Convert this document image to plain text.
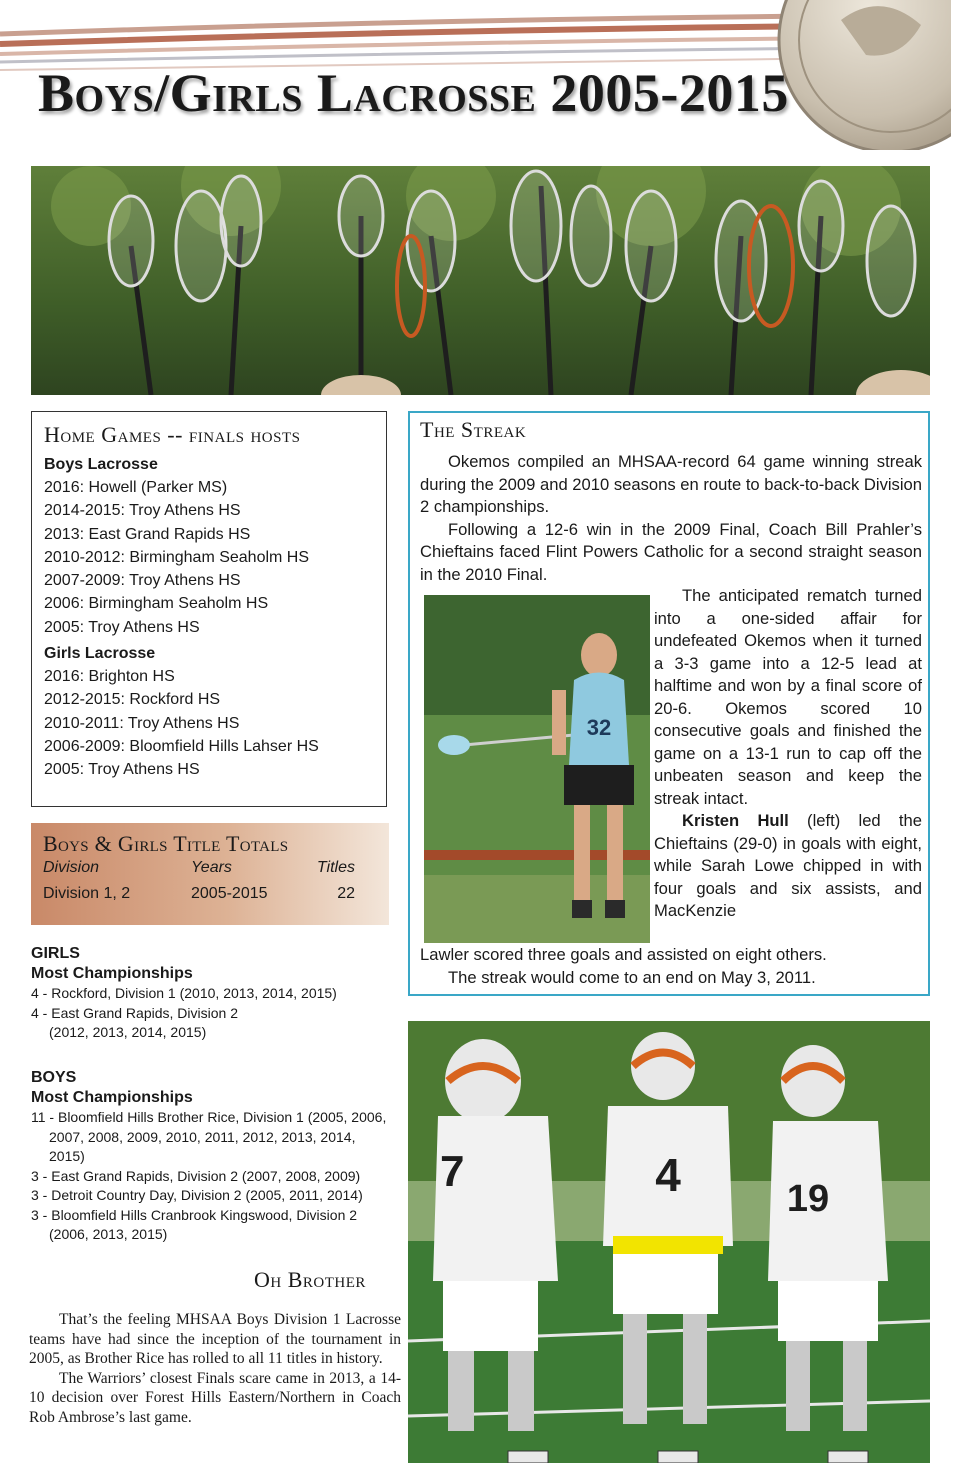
Boys/Girls Lacrosse 2005-2015
Home Games -- finals hosts
Boys Lacrosse
2016: Howell (Parker MS)
2014-2015: Troy Athens HS
2013: East Grand Rapids HS
2010-2012: Birmingham Seaholm HS
2007-2009: Troy Athens HS
2006: Birmingham Seaholm HS
2005: Troy Athens HS
Girls Lacrosse
2016: Brighton HS
2012-2015: Rockford HS
2010-2011: Troy Athens HS
2006-2009: Bloomfield Hills Lahser HS
2005: Troy Athens HS
Boys & Girls Title Totals
Division	Years	Titles
Division 1, 2	2005-2015	22
GIRLS
Most Championships
4 - Rockford, Division 1 (2010, 2013, 2014, 2015)
4 - East Grand Rapids, Division 2 (2012, 2013, 2014, 2015)
BOYS
Most Championships
11 - Bloomfield Hills Brother Rice, Division 1 (2005, 2006, 2007, 2008, 2009, 2010, 2011, 2012, 2013, 2014, 2015)
3 - East Grand Rapids, Division 2 (2007, 2008, 2009)
3 - Detroit Country Day, Division 2 (2005, 2011, 2014)
3 - Bloomfield Hills Cranbrook Kingswood, Division 2 (2006, 2013, 2015)
Oh Brother

That’s the feeling MHSAA Boys Division 1 Lacrosse teams have had since the inception of the tournament in 2005, as Brother Rice has rolled to all 11 titles in history.

The Warriors’ closest Finals scare came in 2013, a 14-10 decision over Forest Hills Eastern/Northern in Coach Rob Ambrose’s last game.

The Streak

Okemos compiled an MHSAA-record 64 game winning streak during the 2009 and 2010 seasons en route to back-to-back Division 2 championships.

Following a 12-6 win in the 2009 Final, Coach Bill Prahler’s Chieftains faced Flint Powers Catholic for a second straight season in the 2010 Final.

32

The anticipated rematch turned into a one-sided affair for undefeated Okemos when it turned a 3-3 game into a 12-5 lead at halftime and won by a final score of 20-6. Okemos scored 10 consecutive goals and finished the game on a 13-1 run to cap off the unbeaten season and keep the streak intact.

Kristen Hull (left) led the Chieftains (29-0) in goals with eight, while Sarah Lowe chipped in with four goals and six assists, and MacKenzie

Lawler scored three goals and assisted on eight others.

The streak would come to an end on May 3, 2011.

7	4	19
